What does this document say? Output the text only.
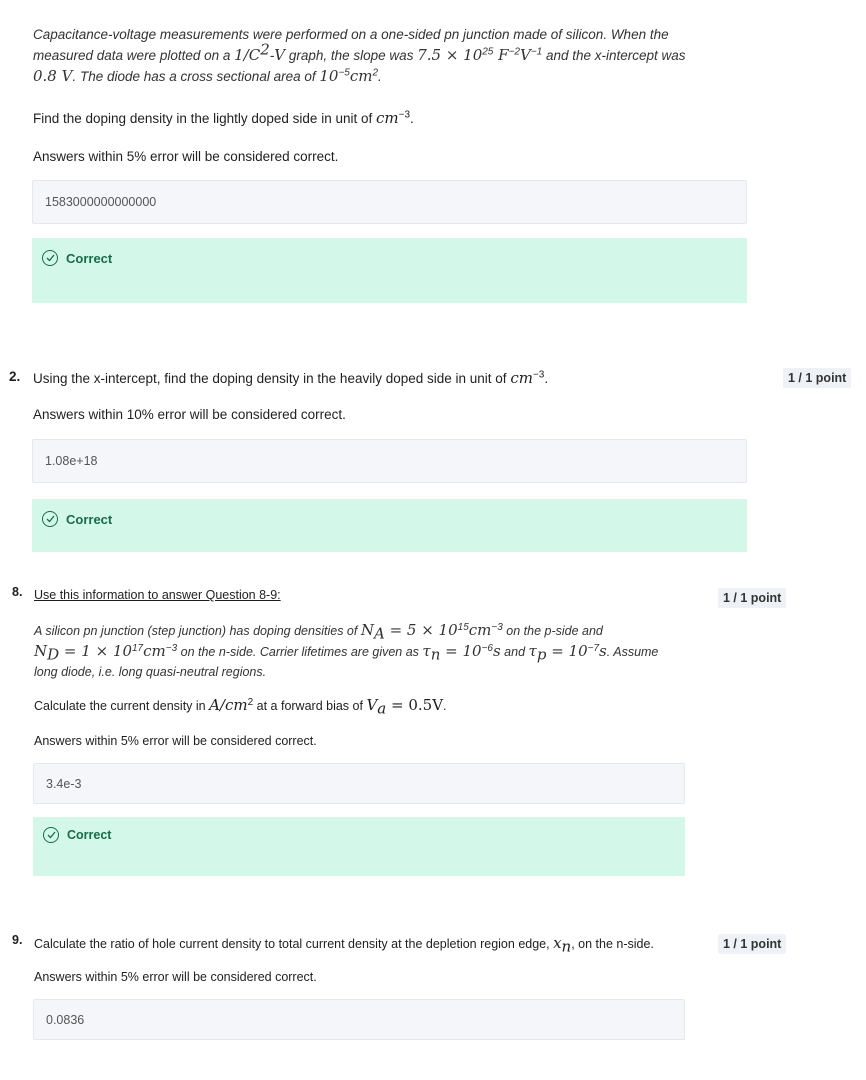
Capacitance-voltage measurements were performed on a one-sided pn junction made of silicon. When the
measured data were plotted on a $1/C^2-V$ graph, the slope was $7.5 \times 10^{25}$ $F^{-2}V^{-1}$ and the x-intercept was
0.8 V. The diode has a cross sectional area of $10^{-5}cm^2$.
Find the doping density in the lightly doped side in unit of $cm^{-3}$.
Answers within 5% error will be considered correct.
1583000000000000
Correct
2. Using the x-intercept, find the doping density in the heavily doped side in unit of $cm^{-3}$.	1 / 1 point
Answers within 10% error will be considered correct.
1.08e+18
Correct
8. Use this information to answer Question 8-9:	1 / 1 point
A silicon pn junction (step junction) has doping densities of $N_A = 5 \times 10^{15}cm^{-3}$ on the p-side and
$N_D = 1 \times 10^{17}cm^{-3}$ on the n-side. Carrier lifetimes are given as $\tau_n = 10^{-6}s$ and $\tau_p = 10^{-7}s$. Assume
long diode, i.e. long quasi-neutral regions.
Calculate the current density in $A/cm^2$ at a forward bias of $V_a = 0.5V$.
Answers within 5% error will be considered correct.
3.4e-3
Correct
9. Calculate the ratio of hole current density to total current density at the depletion region edge, $x_n$, on the n-side.	1 / 1 point
Answers within 5% error will be considered correct.
0.0836
